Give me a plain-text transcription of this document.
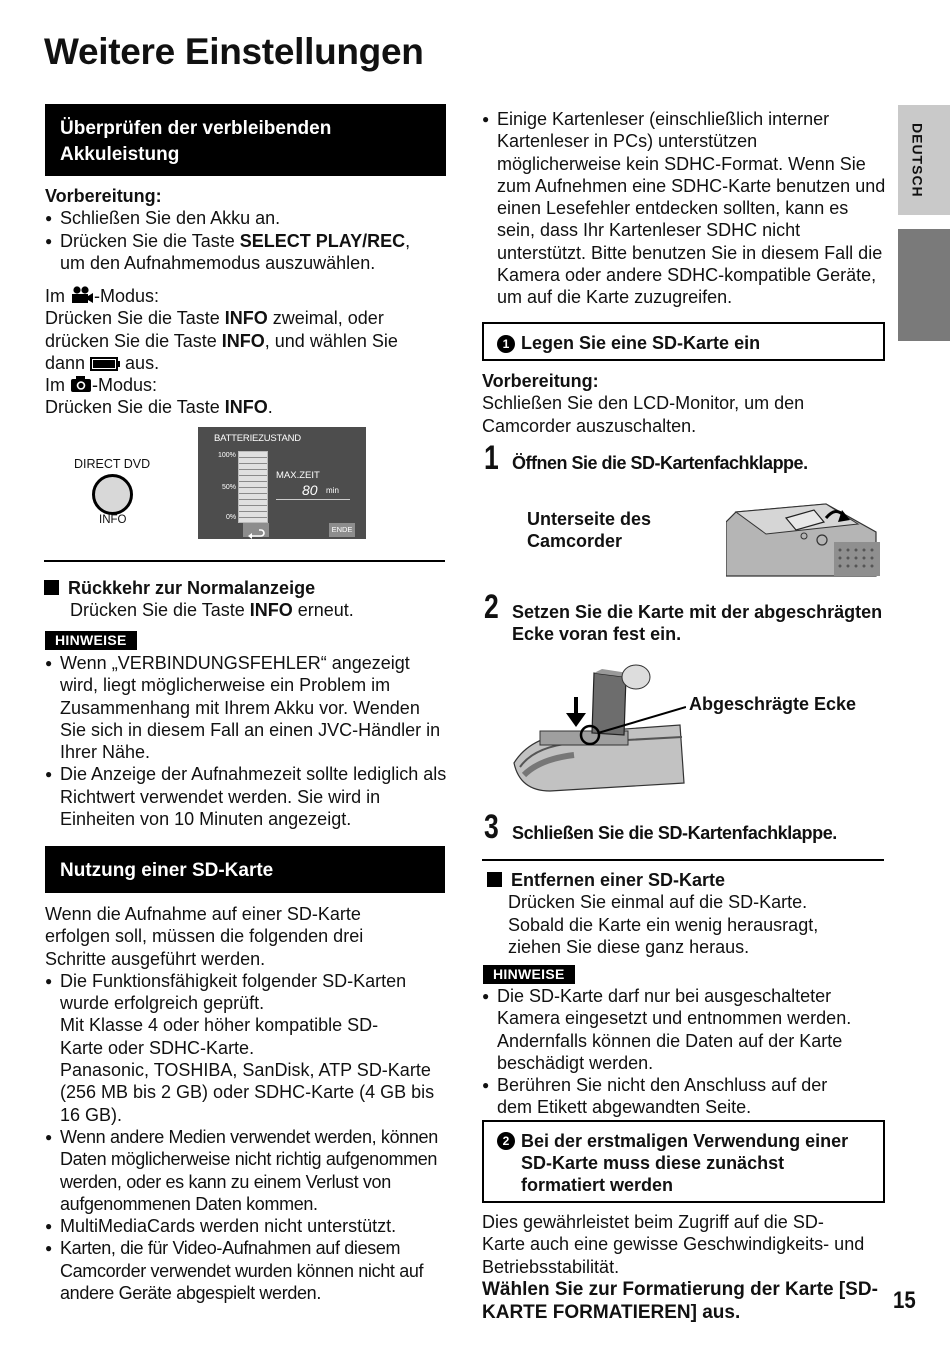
Weitere Einstellungen
DEUTSCH
Überprüfen der verbleibenden Akkuleistung
Vorbereitung:
● Schließen Sie den Akku an.
● Drücken Sie die Taste SELECT PLAY/REC,
um den Aufnahmemodus auszuwählen.
Im -Modus:
Drücken Sie die Taste INFO zweimal, oder
drücken Sie die Taste INFO, und wählen Sie
dann  aus.
Im -Modus:
Drücken Sie die Taste INFO.
DIRECT DVD
INFO
BATTERIEZUSTAND
100%
50%
0%
MAX.ZEIT
80 min
ENDE
Rückkehr zur Normalanzeige
Drücken Sie die Taste INFO erneut.
HINWEISE
● Wenn „VERBINDUNGSFEHLER“ angezeigt wird, liegt möglicherweise ein Problem im Zusammenhang mit Ihrem Akku vor. Wenden Sie sich in diesem Fall an einen JVC-Händler in Ihrer Nähe.
● Die Anzeige der Aufnahmezeit sollte lediglich als Richtwert verwendet werden. Sie wird in Einheiten von 10 Minuten angezeigt.
Nutzung einer SD-Karte
Wenn die Aufnahme auf einer SD-Karte erfolgen soll, müssen die folgenden drei Schritte ausgeführt werden.
● Die Funktionsfähigkeit folgender SD-Karten wurde erfolgreich geprüft.
Mit Klasse 4 oder höher kompatible SD-Karte oder SDHC-Karte.
Panasonic, TOSHIBA, SanDisk, ATP SD-Karte (256 MB bis 2 GB) oder SDHC-Karte (4 GB bis 16 GB).
● Wenn andere Medien verwendet werden, können Daten möglicherweise nicht richtig aufgenommen werden, oder es kann zu einem Verlust von aufgenommenen Daten kommen.
● MultiMediaCards werden nicht unterstützt.
● Karten, die für Video-Aufnahmen auf diesem Camcorder verwendet wurden können nicht auf andere Geräte abgespielt werden.
● Einige Kartenleser (einschließlich interner Kartenleser in PCs) unterstützen möglicherweise kein SDHC-Format. Wenn Sie zum Aufnehmen eine SDHC-Karte benutzen und einen Lesefehler entdecken sollten, kann es sein, dass Ihr Kartenleser SDHC nicht unterstützt. Bitte benutzen Sie in diesem Fall die Kamera oder andere SDHC-kompatible Geräte, um auf die Karte zuzugreifen.
1 Legen Sie eine SD-Karte ein
Vorbereitung:
Schließen Sie den LCD-Monitor, um den Camcorder auszuschalten.
1 Öffnen Sie die SD-Kartenfachklappe.
Unterseite des Camcorder
2 Setzen Sie die Karte mit der abgeschrägten Ecke voran fest ein.
Abgeschrägte Ecke
3 Schließen Sie die SD-Kartenfachklappe.
Entfernen einer SD-Karte
Drücken Sie einmal auf die SD-Karte. Sobald die Karte ein wenig herausragt, ziehen Sie diese ganz heraus.
HINWEISE
● Die SD-Karte darf nur bei ausgeschalteter Kamera eingesetzt und entnommen werden. Andernfalls können die Daten auf der Karte beschädigt werden.
● Berühren Sie nicht den Anschluss auf der dem Etikett abgewandten Seite.
2 Bei der erstmaligen Verwendung einer SD-Karte muss diese zunächst formatiert werden
Dies gewährleistet beim Zugriff auf die SD-Karte auch eine gewisse Geschwindigkeits- und Betriebsstabilität.
Wählen Sie zur Formatierung der Karte [SD-KARTE FORMATIEREN] aus.	15
